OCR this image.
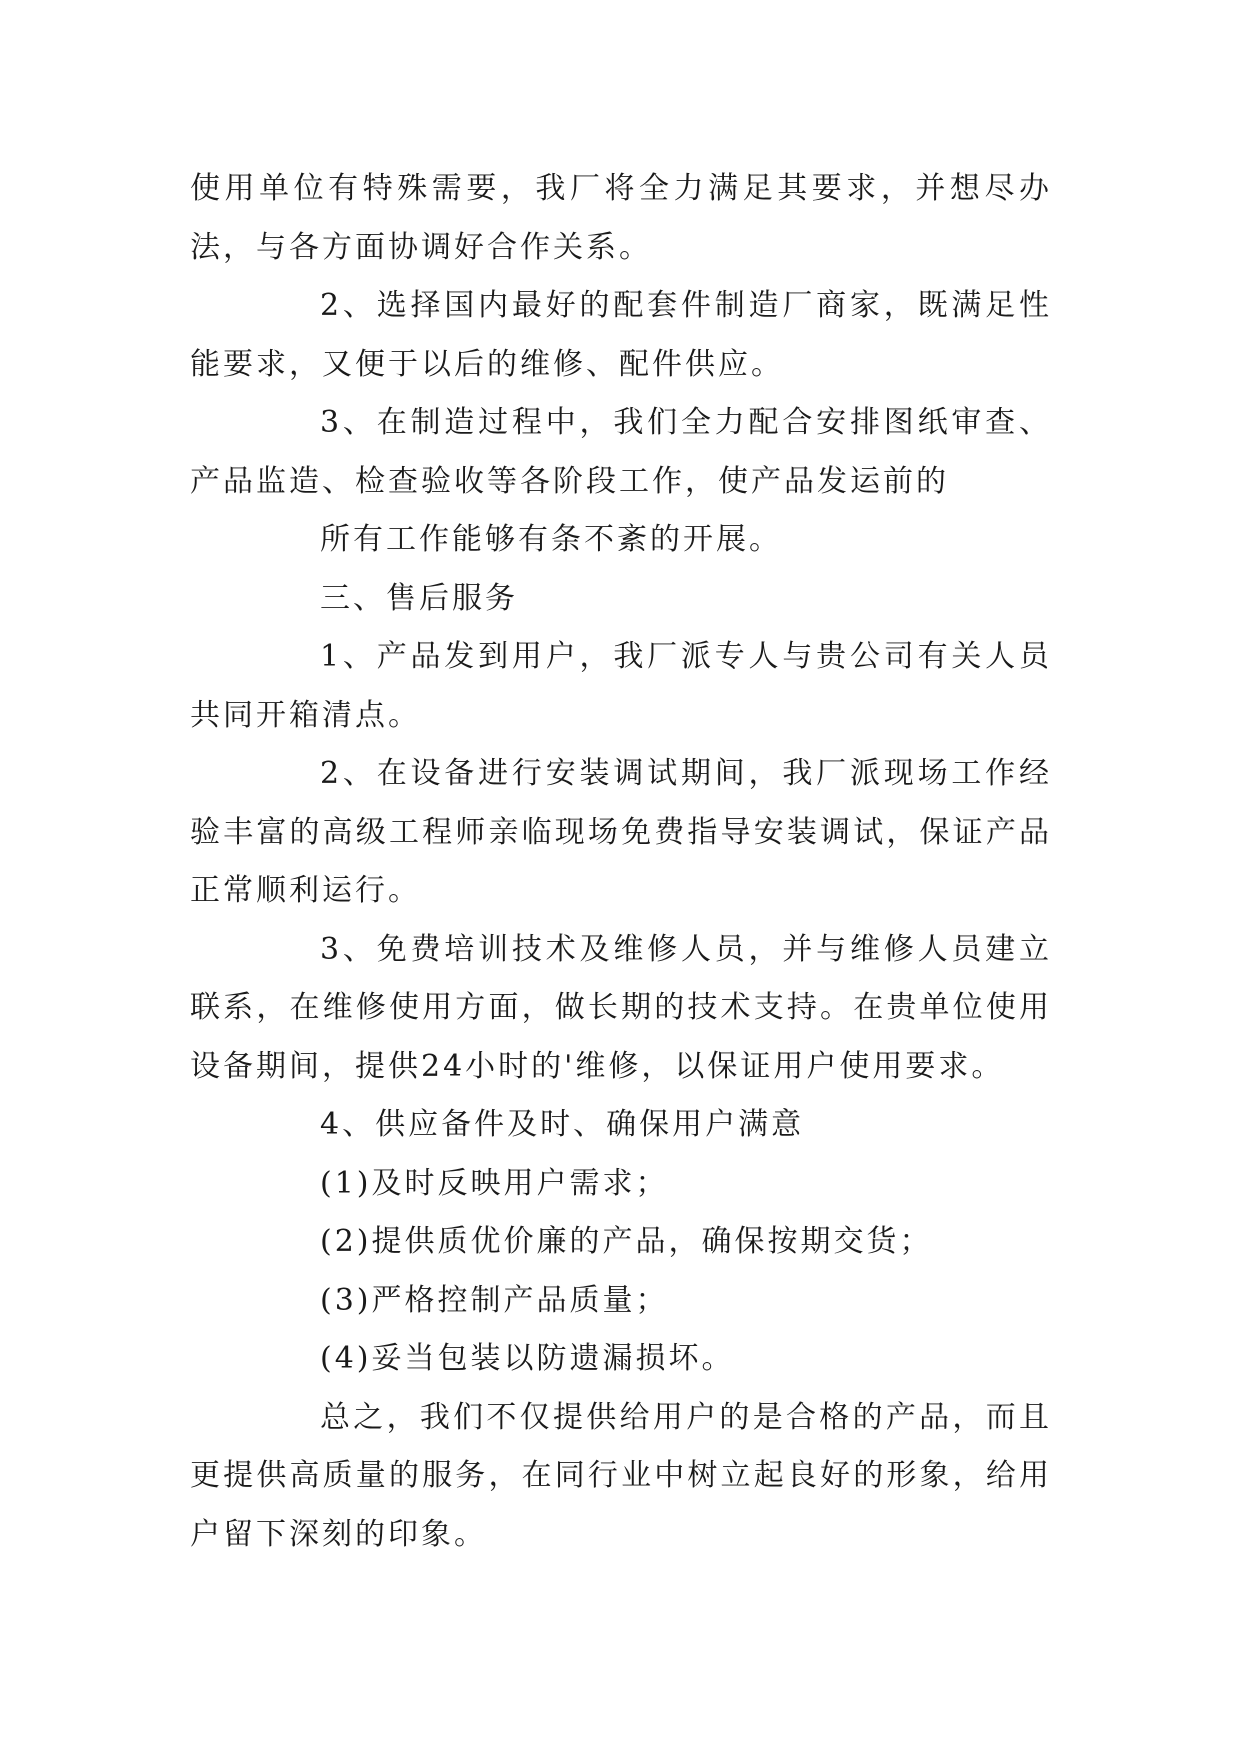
使用单位有特殊需要，我厂将全力满足其要求，并想尽办法，与各方面协调好合作关系。

2、选择国内最好的配套件制造厂商家，既满足性能要求，又便于以后的维修、配件供应。

3、在制造过程中，我们全力配合安排图纸审查、产品监造、检查验收等各阶段工作，使产品发运前的

所有工作能够有条不紊的开展。

三、售后服务

1、产品发到用户，我厂派专人与贵公司有关人员共同开箱清点。

2、在设备进行安装调试期间，我厂派现场工作经验丰富的高级工程师亲临现场免费指导安装调试，保证产品正常顺利运行。

3、免费培训技术及维修人员，并与维修人员建立联系，在维修使用方面，做长期的技术支持。在贵单位使用设备期间，提供24小时的'维修，以保证用户使用要求。

4、供应备件及时、确保用户满意

(1)及时反映用户需求；

(2)提供质优价廉的产品，确保按期交货；

(3)严格控制产品质量；

(4)妥当包装以防遗漏损坏。

总之，我们不仅提供给用户的是合格的产品，而且更提供高质量的服务，在同行业中树立起良好的形象，给用户留下深刻的印象。
